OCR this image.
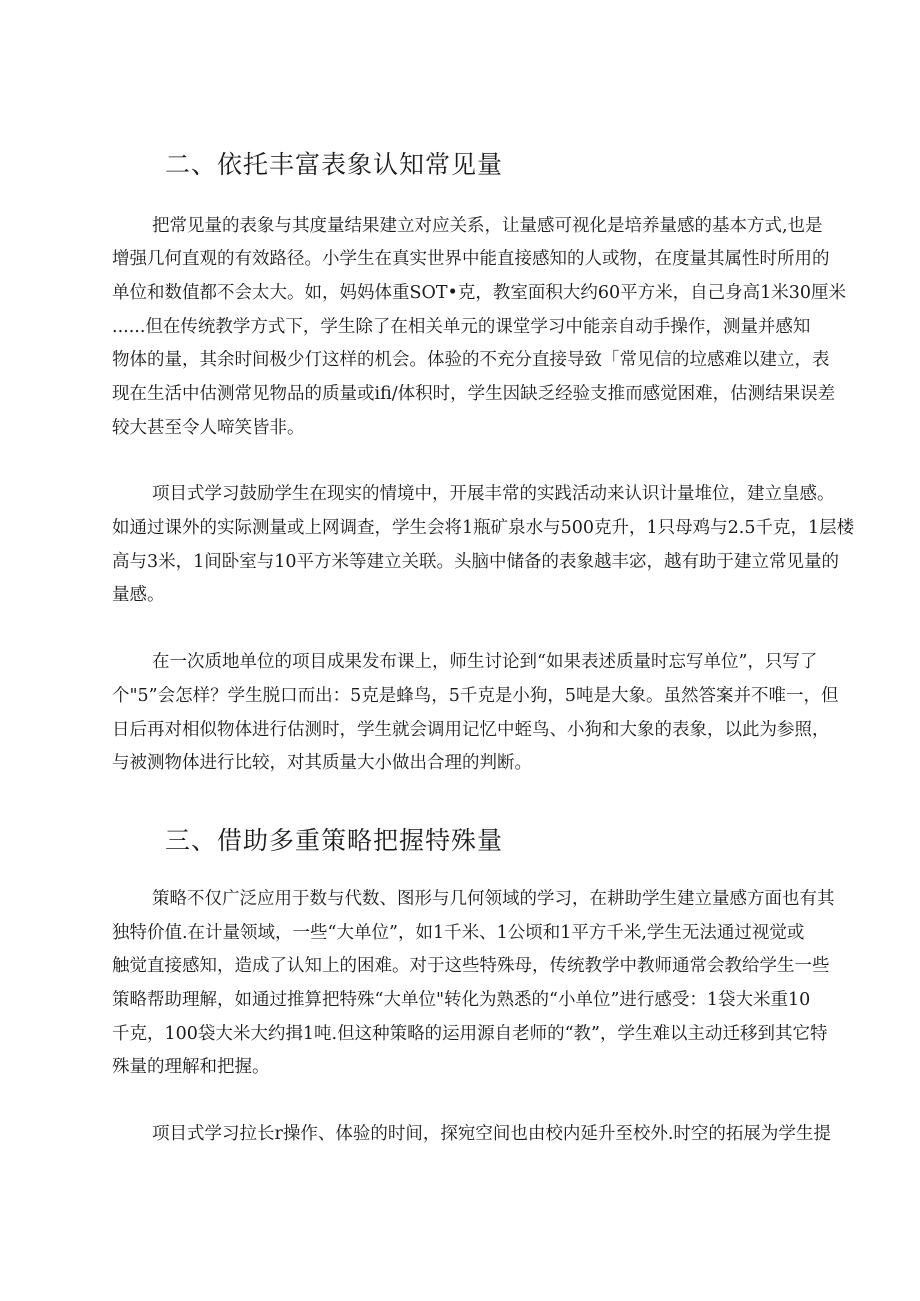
二、依托丰富表象认知常见量
把常见量的表象与其度量结果建立对应关系，让量感可视化是培养量感的基本方式,也是
增强几何直观的有效路径。小学生在真实世界中能直接感知的人或物，在度量其属性时所用的
单位和数值都不会太大。如，妈妈体重SOT•克，教室面积大约60平方米，自己身高1米30厘米
......但在传统教学方式下，学生除了在相关单元的课堂学习中能亲自动手操作，测量并感知
物体的量，其余时间极少仃这样的机会。体验的不充分直接导致「常见信的垃感难以建立，表
现在生活中估测常见物品的质量或ifi/体积时，学生因缺乏经验支推而感觉困难，估测结果误差
较大甚至令人啼笑皆非。
项目式学习鼓励学生在现实的情境中，开展丰常的实践活动来认识计量堆位，建立皇感。
如通过课外的实际测量或上网调查，学生会将1瓶矿泉水与500克升，1只母鸡与2.5千克，1层楼
高与3米，1间卧室与10平方米等建立关联。头脑中储备的表象越丰宓，越有助于建立常见量的
量感。
在一次质地单位的项目成果发布课上，师生讨论到“如果表述质量时忘写单位”，只写了
个"5”会怎样？学生脱口而出：5克是蜂鸟，5千克是小狗，5吨是大象。虽然答案并不唯一，但
日后再对相似物体进行估测时，学生就会调用记忆中蛭鸟、小狗和大象的表象，以此为参照，
与被测物体进行比较，对其质量大小做出合理的判断。
三、借助多重策略把握特殊量
策略不仅广泛应用于数与代数、图形与几何领域的学习，在耕助学生建立量感方面也有其
独特价值.在计量领域，一些“大单位”，如1千米、1公顷和1平方千米,学生无法通过视觉或
触觉直接感知，造成了认知上的困难。对于这些特殊母，传统教学中教师通常会教给学生一些
策略帮助理解，如通过推算把特殊“大单位"转化为熟悉的“小单位”进行感受：1袋大米重10
千克，100袋大米大约揖1吨.但这种策略的运用源自老师的“教”，学生难以主动迁移到其它特
殊量的理解和把握。
项目式学习拉长r操作、体验的时间，探宛空间也由校内延升至校外.时空的拓展为学生提
